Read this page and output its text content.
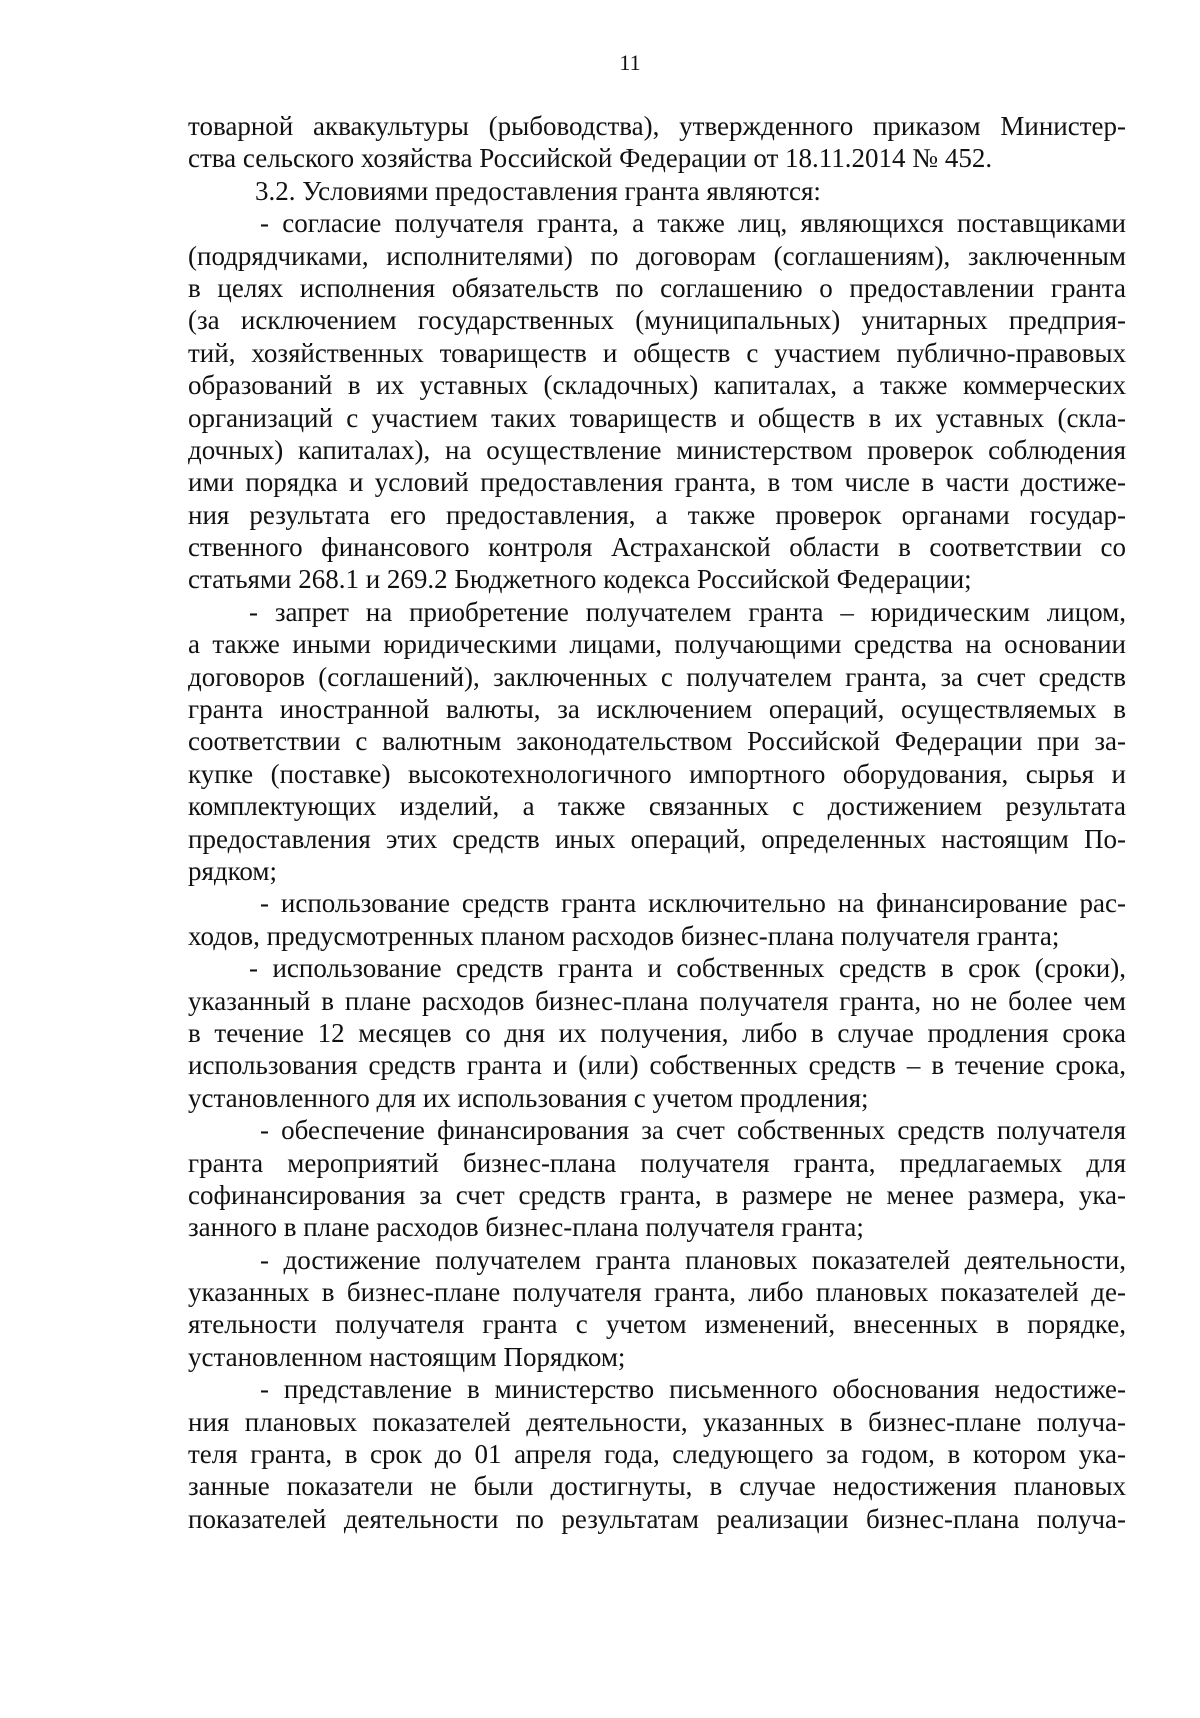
11
товарной аквакультуры (рыбоводства), утвержденного приказом Министер-
ства сельского хозяйства Российской Федерации от 18.11.2014 № 452.
3.2. Условиями предоставления гранта являются:
- согласие получателя гранта, а также лиц, являющихся поставщиками
(подрядчиками, исполнителями) по договорам (соглашениям), заключенным
в целях исполнения обязательств по соглашению о предоставлении гранта
(за исключением государственных (муниципальных) унитарных предприя-
тий, хозяйственных товариществ и обществ с участием публично-правовых
образований в их уставных (складочных) капиталах, а также коммерческих
организаций с участием таких товариществ и обществ в их уставных (скла-
дочных) капиталах), на осуществление министерством проверок соблюдения
ими порядка и условий предоставления гранта, в том числе в части достиже-
ния результата его предоставления, а также проверок органами государ-
ственного финансового контроля Астраханской области в соответствии со
статьями 268.1 и 269.2 Бюджетного кодекса Российской Федерации;
- запрет на приобретение получателем гранта – юридическим лицом,
а также иными юридическими лицами, получающими средства на основании
договоров (соглашений), заключенных с получателем гранта, за счет средств
гранта иностранной валюты, за исключением операций, осуществляемых в
соответствии с валютным законодательством Российской Федерации при за-
купке (поставке) высокотехнологичного импортного оборудования, сырья и
комплектующих изделий, а также связанных с достижением результата
предоставления этих средств иных операций, определенных настоящим По-
рядком;
- использование средств гранта исключительно на финансирование рас-
ходов, предусмотренных планом расходов бизнес-плана получателя гранта;
- использование средств гранта и собственных средств в срок (сроки),
указанный в плане расходов бизнес-плана получателя гранта, но не более чем
в течение 12 месяцев со дня их получения, либо в случае продления срока
использования средств гранта и (или) собственных средств – в течение срока,
установленного для их использования с учетом продления;
- обеспечение финансирования за счет собственных средств получателя
гранта мероприятий бизнес-плана получателя гранта, предлагаемых для
софинансирования за счет средств гранта, в размере не менее размера, ука-
занного в плане расходов бизнес-плана получателя гранта;
- достижение получателем гранта плановых показателей деятельности,
указанных в бизнес-плане получателя гранта, либо плановых показателей де-
ятельности получателя гранта с учетом изменений, внесенных в порядке,
установленном настоящим Порядком;
- представление в министерство письменного обоснования недостиже-
ния плановых показателей деятельности, указанных в бизнес-плане получа-
теля гранта, в срок до 01 апреля года, следующего за годом, в котором ука-
занные показатели не были достигнуты, в случае недостижения плановых
показателей деятельности по результатам реализации бизнес-плана получа-
